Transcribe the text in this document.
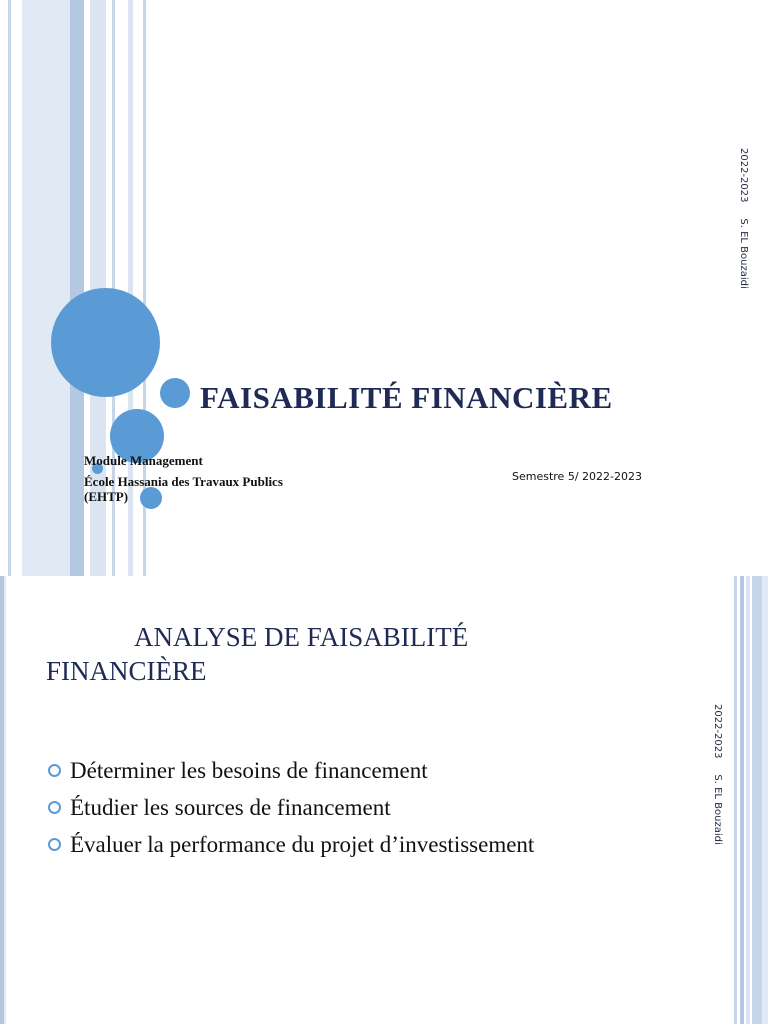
FAISABILITÉ FINANCIÈRE
Module Management
École Hassania des Travaux Publics
(EHTP)
Semestre 5/ 2022-2023
2022-2023     S. EL Bouzaidi
2022-2023     S. EL Bouzaidi
ANALYSE DE FAISABILITÉ
FINANCIÈRE
Déterminer les besoins de financement
Étudier les sources de financement
Évaluer la performance du projet d’investissement
